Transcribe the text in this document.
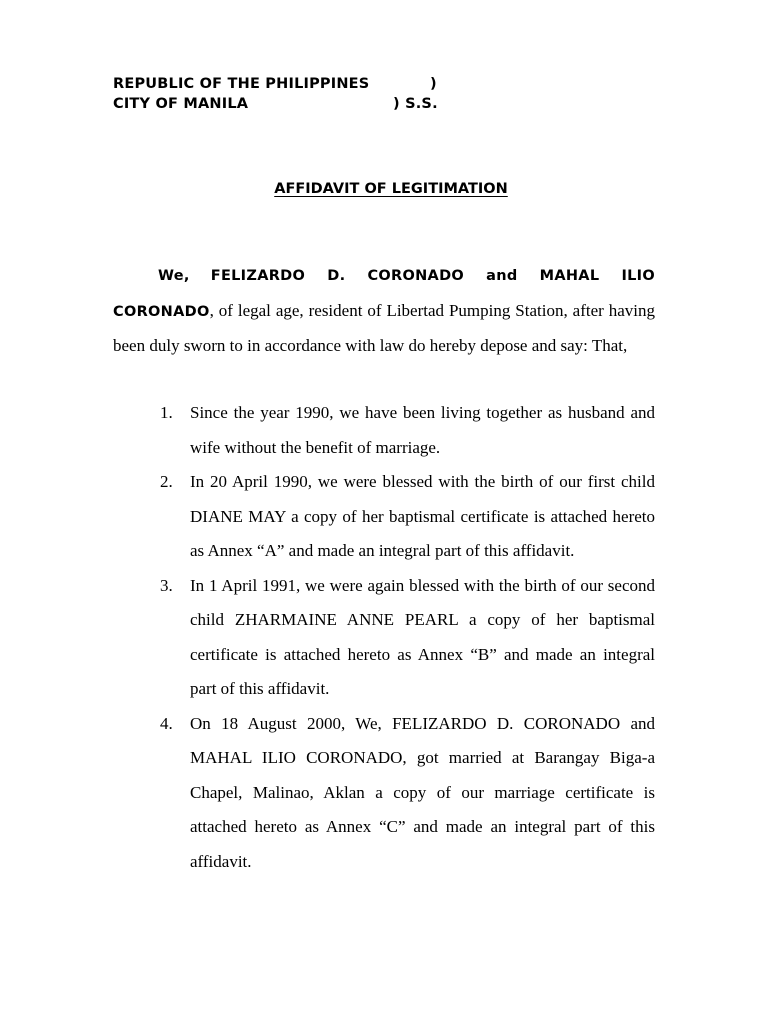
REPUBLIC OF THE PHILIPPINES	)
CITY OF MANILA	) S.S.
AFFIDAVIT OF LEGITIMATION
We, FELIZARDO D. CORONADO and MAHAL ILIO CORONADO, of legal age, resident of Libertad Pumping Station, after having been duly sworn to in accordance with law do hereby depose and say: That,
1. Since the year 1990, we have been living together as husband and wife without the benefit of marriage.
2. In 20 April 1990, we were blessed with the birth of our first child DIANE MAY a copy of her baptismal certificate is attached hereto as Annex “A” and made an integral part of this affidavit.
3. In 1 April 1991, we were again blessed with the birth of our second child ZHARMAINE ANNE PEARL a copy of her baptismal certificate is attached hereto as Annex “B” and made an integral part of this affidavit.
4. On 18 August 2000, We, FELIZARDO D. CORONADO and MAHAL ILIO CORONADO, got married at Barangay Biga-a Chapel, Malinao, Aklan a copy of our marriage certificate is attached hereto as Annex “C” and made an integral part of this affidavit.
